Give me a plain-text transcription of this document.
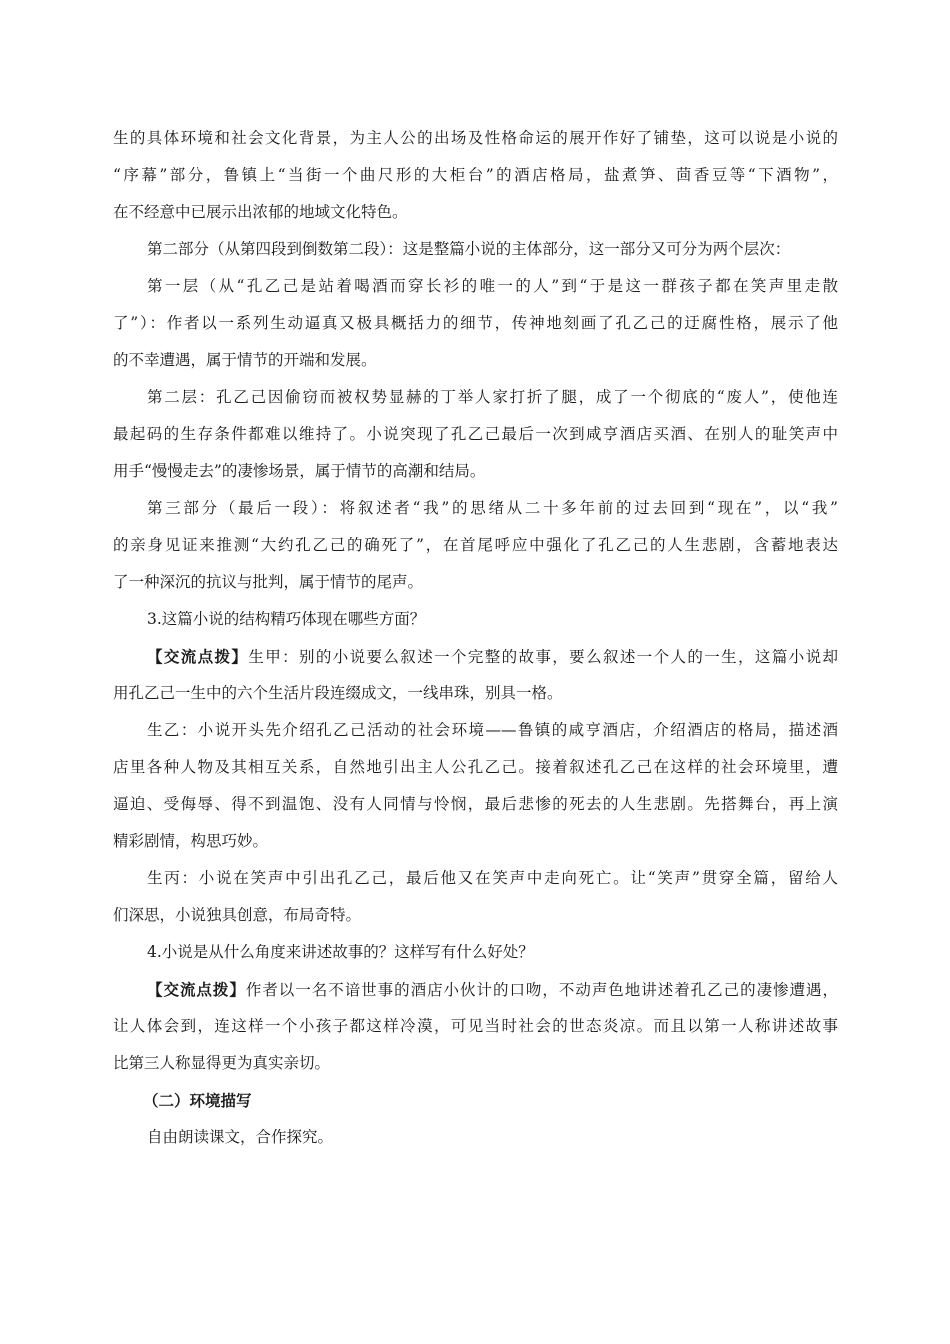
生的具体环境和社会文化背景，为主人公的出场及性格命运的展开作好了铺垫，这可以说是小说的
“序幕”部分，鲁镇上“当街一个曲尺形的大柜台”的酒店格局，盐煮笋、茴香豆等“下酒物”，
在不经意中已展示出浓郁的地域文化特色。
第二部分（从第四段到倒数第二段）：这是整篇小说的主体部分，这一部分又可分为两个层次：
第一层（从“孔乙己是站着喝酒而穿长衫的唯一的人”到“于是这一群孩子都在笑声里走散
了”）：作者以一系列生动逼真又极具概括力的细节，传神地刻画了孔乙己的迂腐性格，展示了他
的不幸遭遇，属于情节的开端和发展。
第二层：孔乙己因偷窃而被权势显赫的丁举人家打折了腿，成了一个彻底的“废人”，使他连
最起码的生存条件都难以维持了。小说突现了孔乙己最后一次到咸亨酒店买酒、在别人的耻笑声中
用手“慢慢走去”的凄惨场景，属于情节的高潮和结局。
第三部分（最后一段）：将叙述者“我”的思绪从二十多年前的过去回到“现在”，以“我”
的亲身见证来推测“大约孔乙己的确死了”，在首尾呼应中强化了孔乙己的人生悲剧，含蓄地表达
了一种深沉的抗议与批判，属于情节的尾声。
3.这篇小说的结构精巧体现在哪些方面？
【交流点拨】生甲：别的小说要么叙述一个完整的故事，要么叙述一个人的一生，这篇小说却
用孔乙己一生中的六个生活片段连缀成文，一线串珠，别具一格。
生乙：小说开头先介绍孔乙己活动的社会环境——鲁镇的咸亨酒店，介绍酒店的格局，描述酒
店里各种人物及其相互关系，自然地引出主人公孔乙己。接着叙述孔乙己在这样的社会环境里，遭
逼迫、受侮辱、得不到温饱、没有人同情与怜悯，最后悲惨的死去的人生悲剧。先搭舞台，再上演
精彩剧情，构思巧妙。
生丙：小说在笑声中引出孔乙己，最后他又在笑声中走向死亡。让“笑声”贯穿全篇，留给人
们深思，小说独具创意，布局奇特。
4.小说是从什么角度来讲述故事的？这样写有什么好处？
【交流点拨】作者以一名不谙世事的酒店小伙计的口吻，不动声色地讲述着孔乙己的凄惨遭遇，
让人体会到，连这样一个小孩子都这样冷漠，可见当时社会的世态炎凉。而且以第一人称讲述故事
比第三人称显得更为真实亲切。
（二）环境描写
自由朗读课文，合作探究。
